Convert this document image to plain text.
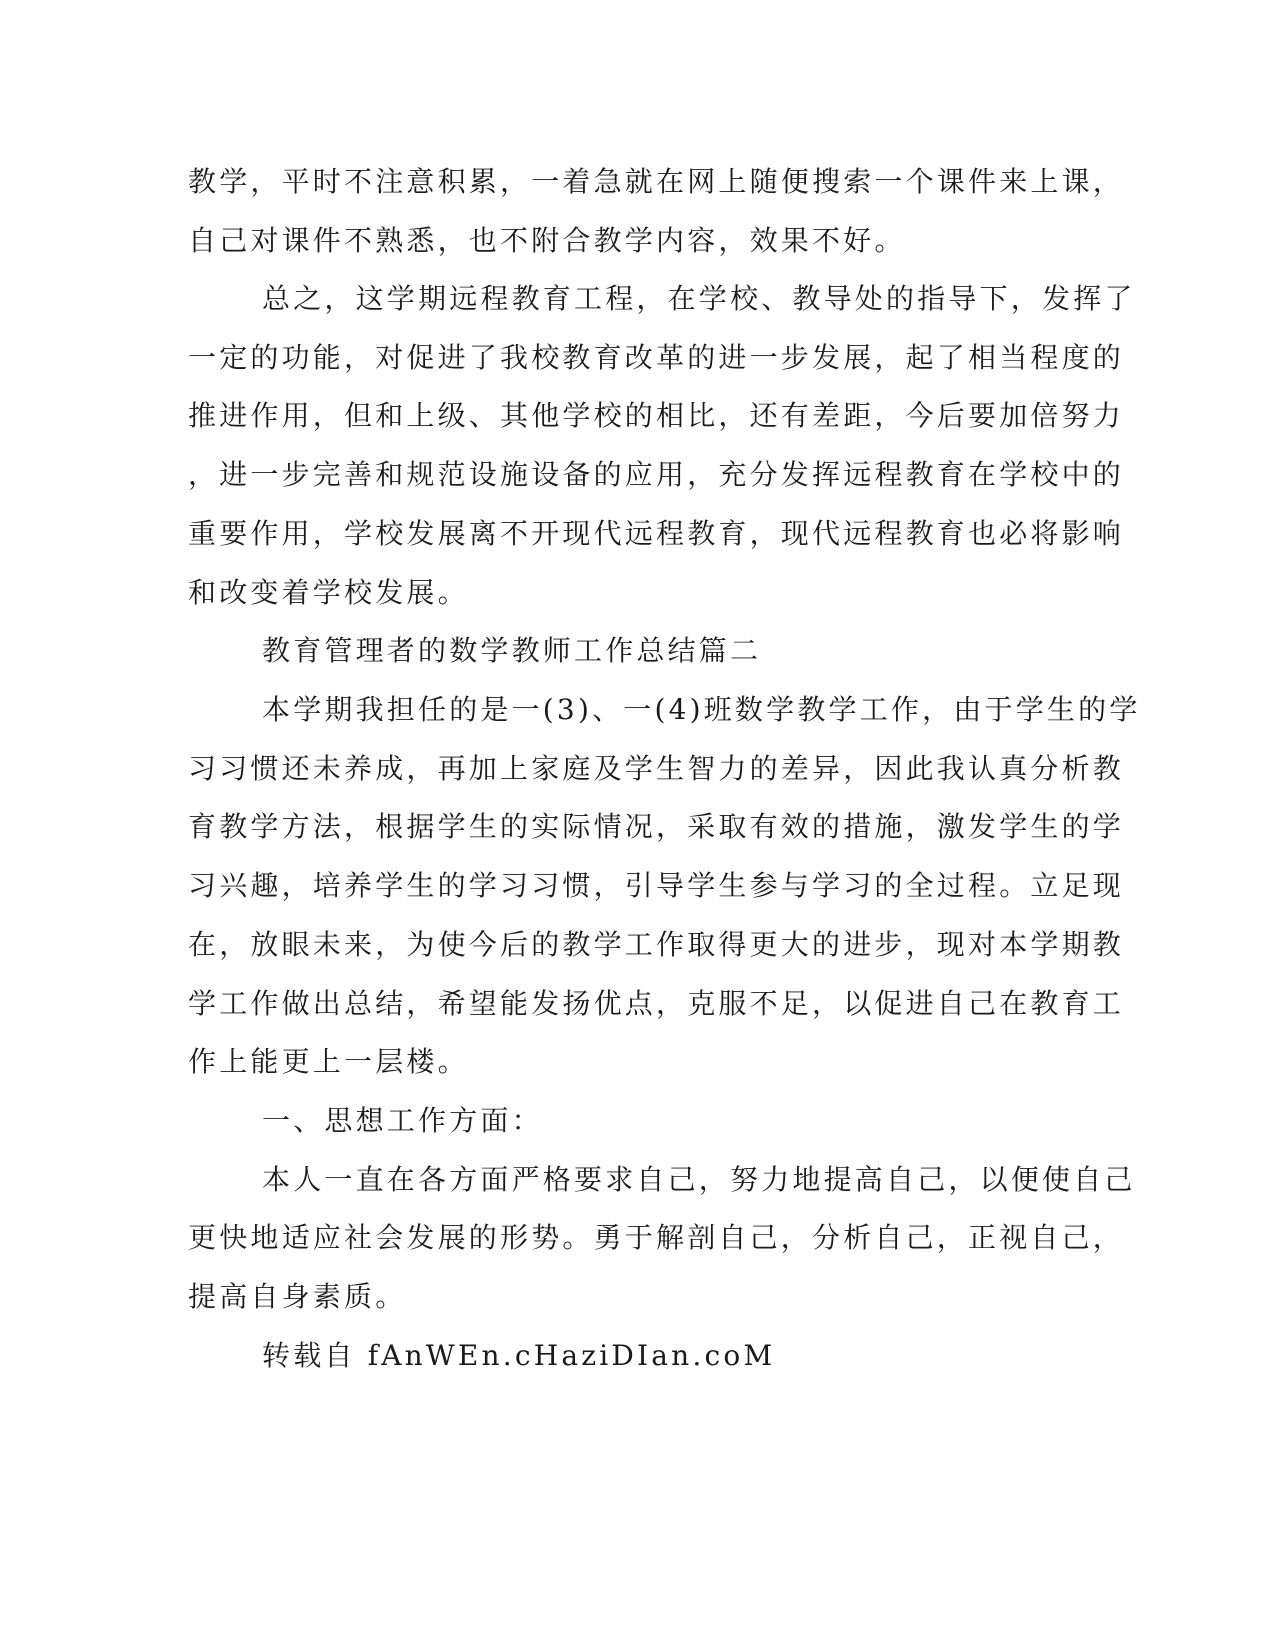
教学，平时不注意积累，一着急就在网上随便搜索一个课件来上课，
自己对课件不熟悉，也不附合教学内容，效果不好。
总之，这学期远程教育工程，在学校、教导处的指导下，发挥了
一定的功能，对促进了我校教育改革的进一步发展，起了相当程度的
推进作用，但和上级、其他学校的相比，还有差距，今后要加倍努力
，进一步完善和规范设施设备的应用，充分发挥远程教育在学校中的
重要作用，学校发展离不开现代远程教育，现代远程教育也必将影响
和改变着学校发展。
教育管理者的数学教师工作总结篇二
本学期我担任的是一(3)、一(4)班数学教学工作，由于学生的学
习习惯还未养成，再加上家庭及学生智力的差异，因此我认真分析教
育教学方法，根据学生的实际情况，采取有效的措施，激发学生的学
习兴趣，培养学生的学习习惯，引导学生参与学习的全过程。立足现
在，放眼未来，为使今后的教学工作取得更大的进步，现对本学期教
学工作做出总结，希望能发扬优点，克服不足，以促进自己在教育工
作上能更上一层楼。
一、思想工作方面：
本人一直在各方面严格要求自己，努力地提高自己，以便使自己
更快地适应社会发展的形势。勇于解剖自己，分析自己，正视自己，
提高自身素质。
转载自 fAnWEn.cHaziDIan.coM
